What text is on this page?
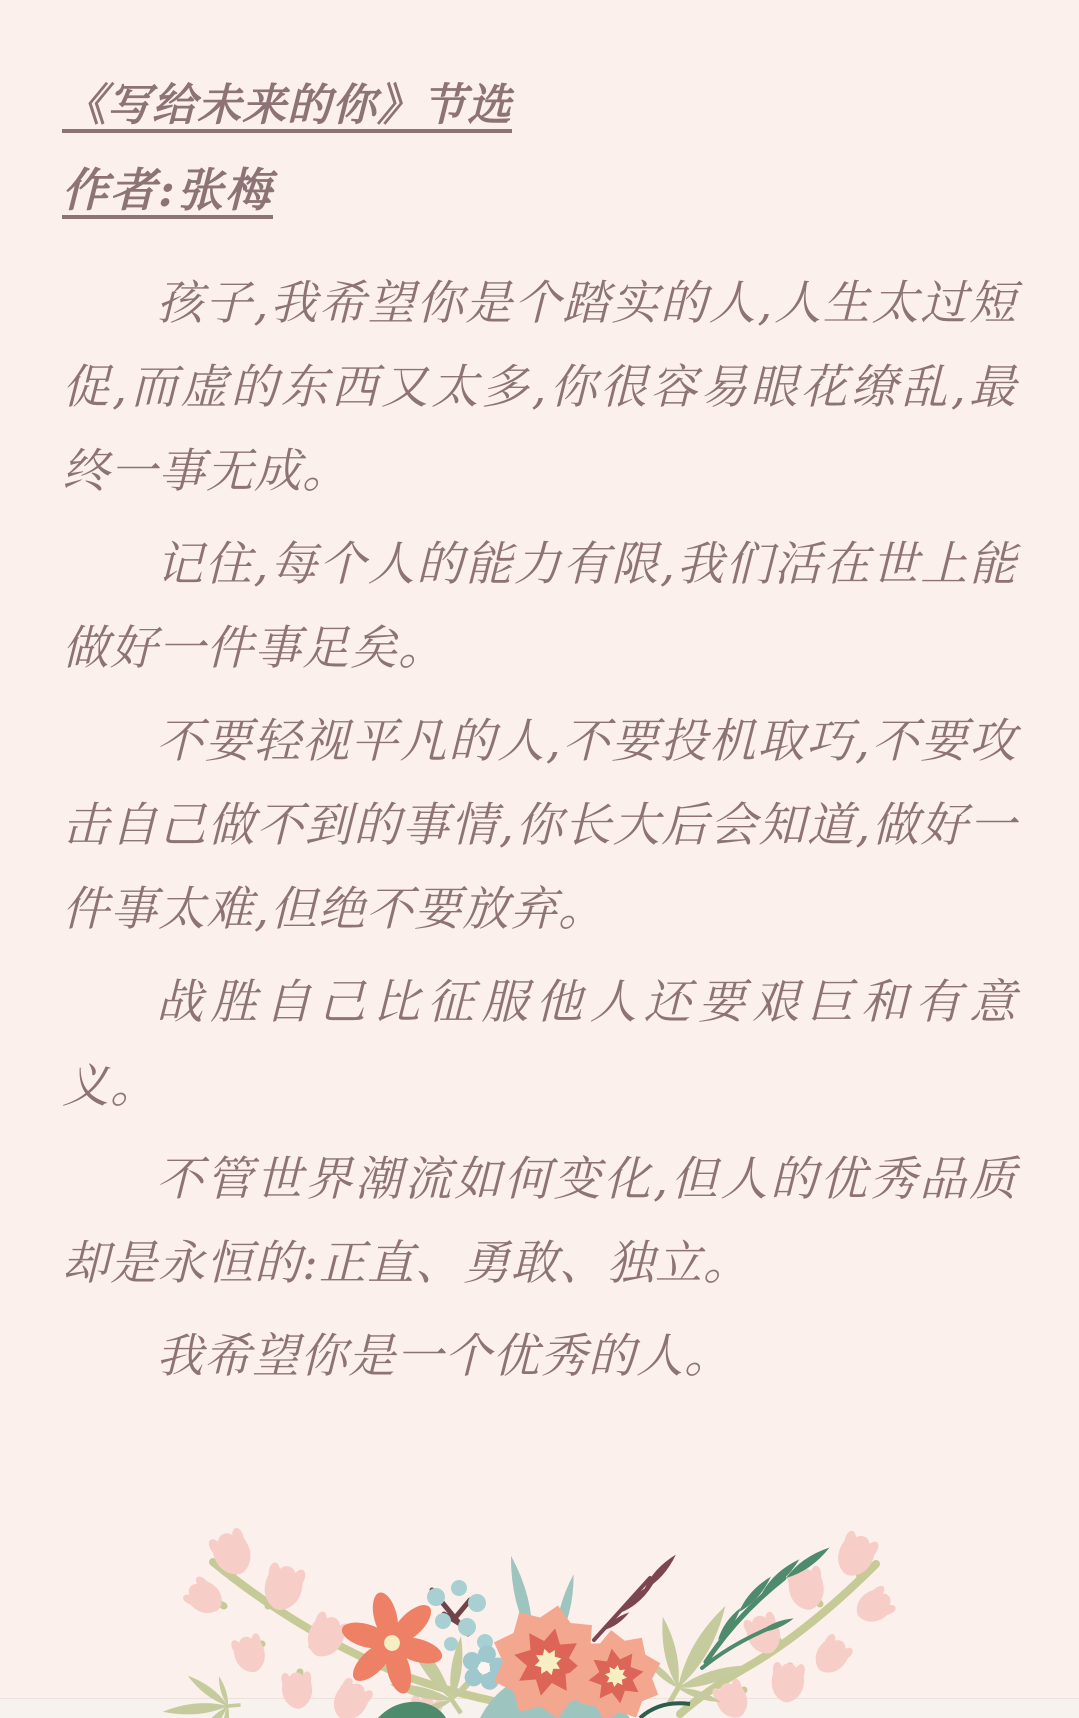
《写给未来的你》节选
作者:张梅

孩子,我希望你是个踏实的人,人生太过短促,而虚的东西又太多,你很容易眼花缭乱,最终一事无成。

记住,每个人的能力有限,我们活在世上能做好一件事足矣。

不要轻视平凡的人,不要投机取巧,不要攻击自己做不到的事情,你长大后会知道,做好一件事太难,但绝不要放弃。

战胜自己比征服他人还要艰巨和有意义。

不管世界潮流如何变化,但人的优秀品质却是永恒的:正直、勇敢、独立。

我希望你是一个优秀的人。
